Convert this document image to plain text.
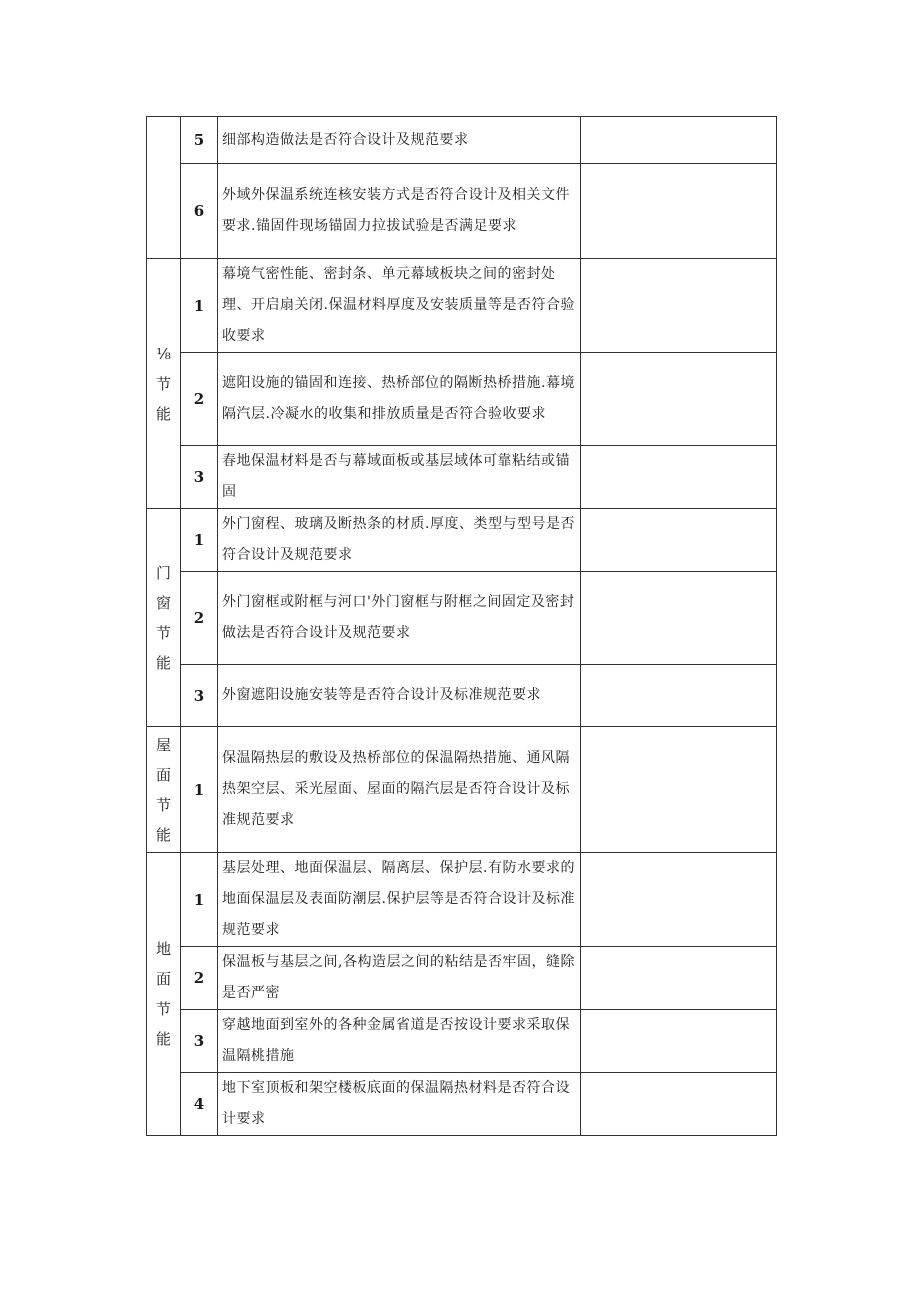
	5	细部构造做法是否符合设计及规范要求	
	6	外域外保温系统连核安装方式是否符合设计及相关文件要求.锚固件现场锚固力拉拔试验是否满足要求	
⅛节能	1	幕境气密性能、密封条、单元幕域板块之间的密封处理、开启扇关闭.保温材料厚度及安装质量等是否符合验收要求	
	2	遮阳设施的锚固和连接、热桥部位的隔断热桥措施.幕境隔汽层.冷凝水的收集和排放质量是否符合验收要求	
	3	春地保温材料是否与幕域面板或基层域体可靠粘结或锚固	

门
窗
节
能	1	外门窗程、玻璃及断热条的材质.厚度、类型与型号是否符合设计及规范要求	
	2	外门窗框或附框与河口'外门窗框与附框之间固定及密封做法是否符合设计及规范要求	
	3	外窗遮阳设施安装等是否符合设计及标准规范要求	

屋
面
节
能	1	保温隔热层的敷设及热桥部位的保温隔热措施、通风隔热架空层、采光屋面、屋面的隔汽层是否符合设计及标准规范要求	

地
面
节
能	1	基层处理、地面保温层、隔离层、保护层.有防水要求的地面保温层及表面防潮层.保护层等是否符合设计及标准规范要求	
	2	保温板与基层之间,各构造层之间的粘结是否牢固，缝除是否严密	
	3	穿越地面到室外的各种金属省道是否按设计要求采取保温隔桃措施	
	4	地下室顶板和架空楼板底面的保温隔热材料是否符合设计要求	
